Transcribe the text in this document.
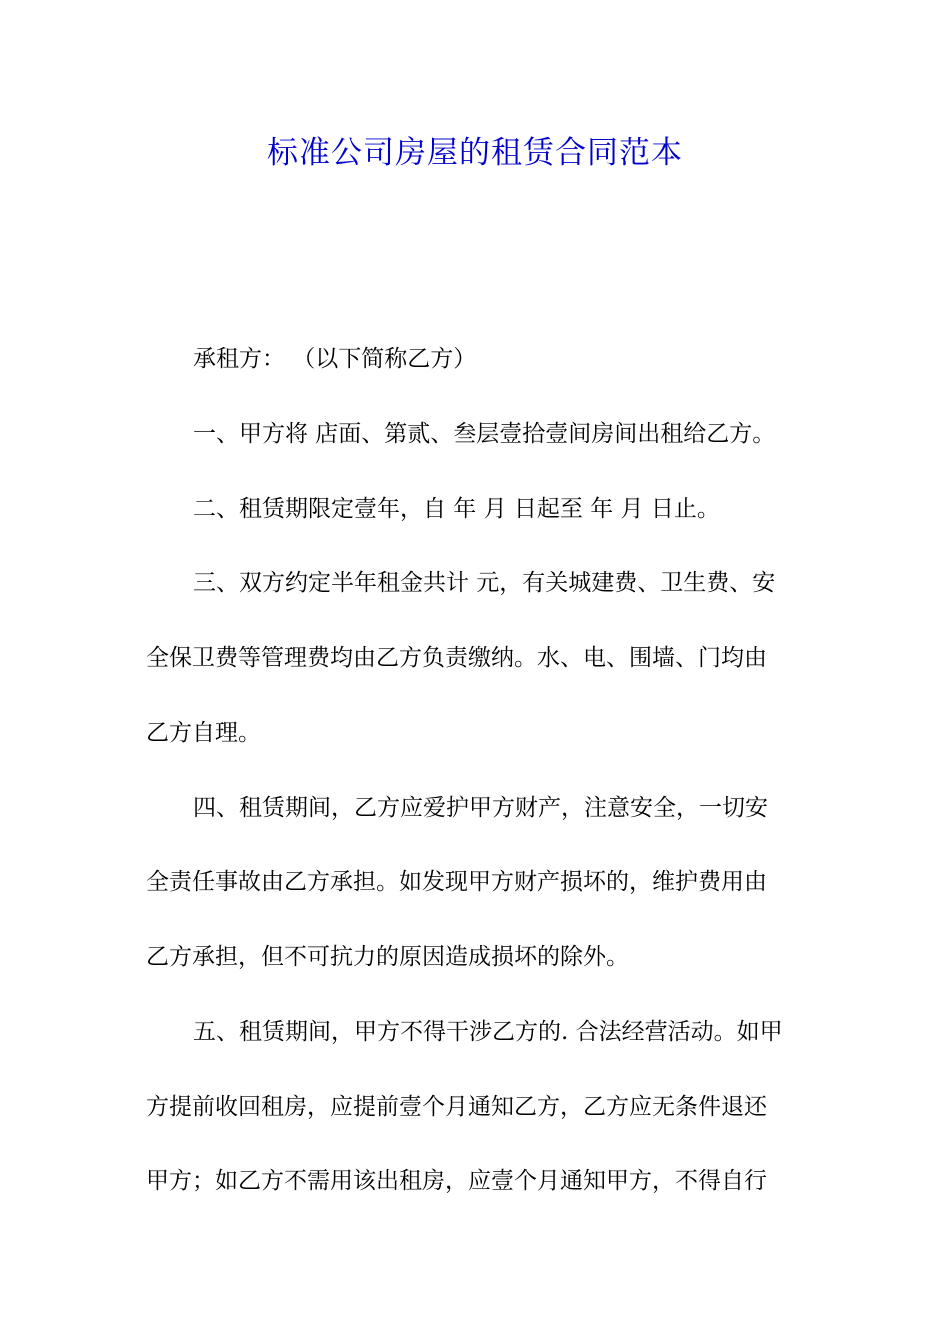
标准公司房屋的租赁合同范本

承租方： （以下简称乙方）

一、甲方将 店面、第贰、叁层壹拾壹间房间出租给乙方。

二、租赁期限定壹年，自 年 月 日起至 年 月 日止。

三、双方约定半年租金共计 元，有关城建费、卫生费、安

全保卫费等管理费均由乙方负责缴纳。水、电、围墙、门均由

乙方自理。

四、租赁期间，乙方应爱护甲方财产，注意安全，一切安

全责任事故由乙方承担。如发现甲方财产损坏的，维护费用由

乙方承担，但不可抗力的原因造成损坏的除外。

五、租赁期间，甲方不得干涉乙方的. 合法经营活动。如甲

方提前收回租房，应提前壹个月通知乙方，乙方应无条件退还

甲方；如乙方不需用该出租房，应壹个月通知甲方，不得自行
